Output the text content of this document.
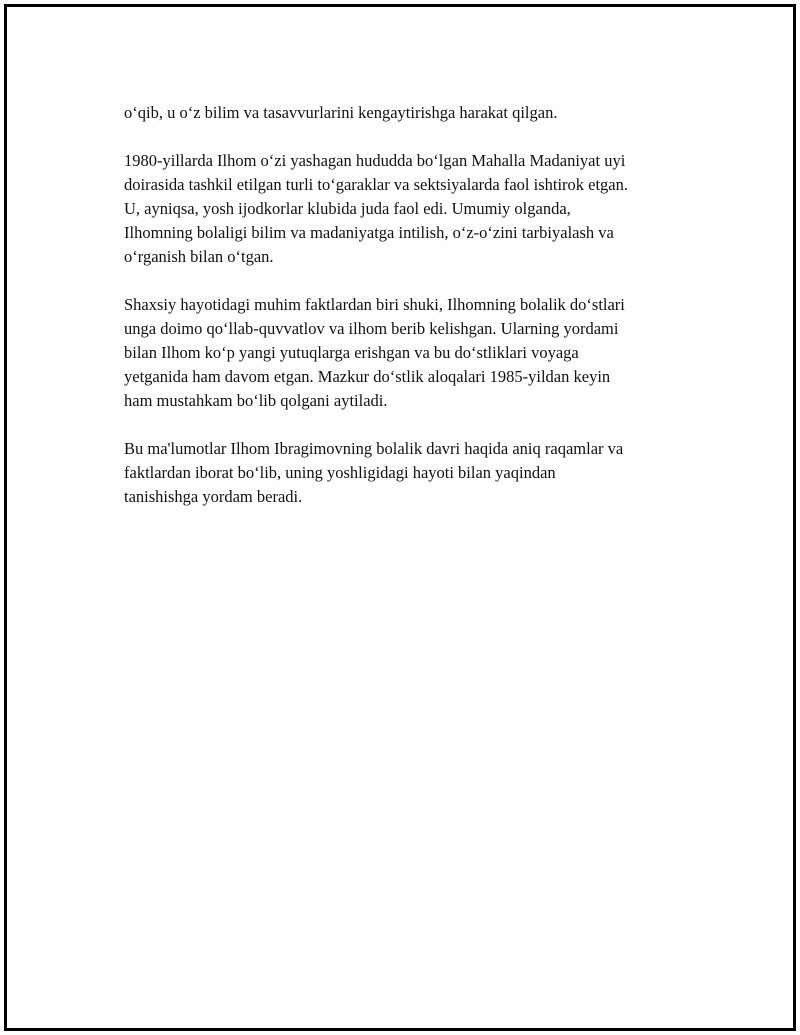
o‘qib, u o‘z bilim va tasavvurlarini kengaytirishga harakat qilgan.

1980-yillarda Ilhom o‘zi yashagan hududda bo‘lgan Mahalla Madaniyat uyi
doirasida tashkil etilgan turli to‘garaklar va sektsiyalarda faol ishtirok etgan.
U, ayniqsa, yosh ijodkorlar klubida juda faol edi. Umumiy olganda,
Ilhomning bolaligi bilim va madaniyatga intilish, o‘z-o‘zini tarbiyalash va
o‘rganish bilan o‘tgan.

Shaxsiy hayotidagi muhim faktlardan biri shuki, Ilhomning bolalik do‘stlari
unga doimo qo‘llab-quvvatlov va ilhom berib kelishgan. Ularning yordami
bilan Ilhom ko‘p yangi yutuqlarga erishgan va bu do‘stliklari voyaga
yetganida ham davom etgan. Mazkur do‘stlik aloqalari 1985-yildan keyin
ham mustahkam bo‘lib qolgani aytiladi.

Bu ma'lumotlar Ilhom Ibragimovning bolalik davri haqida aniq raqamlar va
faktlardan iborat bo‘lib, uning yoshligidagi hayoti bilan yaqindan
tanishishga yordam beradi.
